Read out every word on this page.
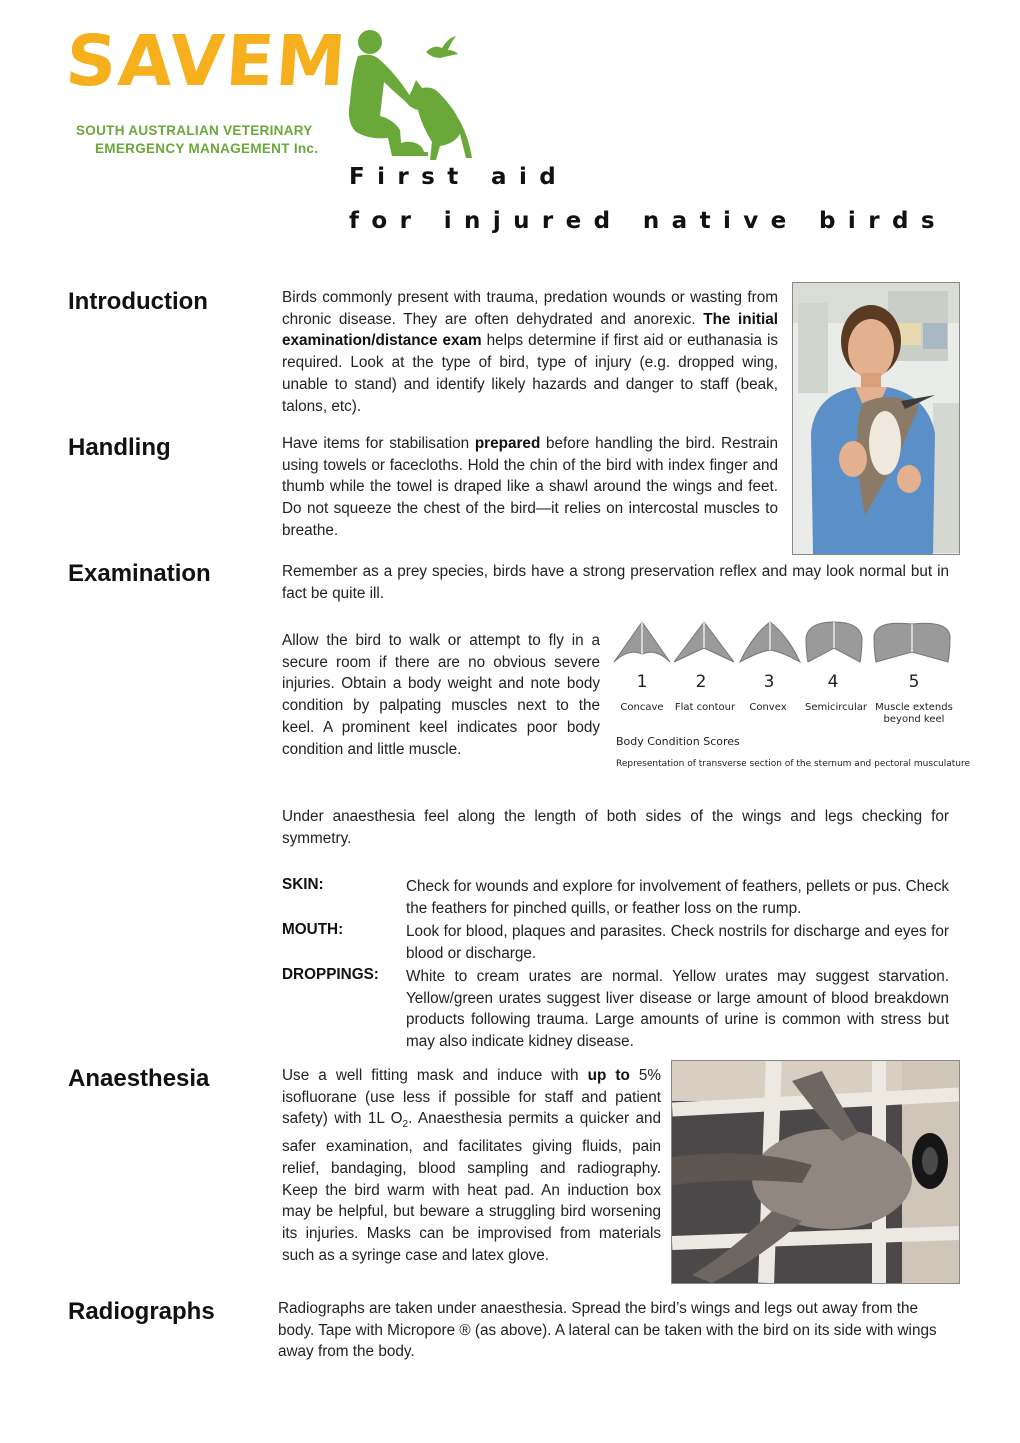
SAVEM
SOUTH AUSTRALIAN VETERINARY
EMERGENCY MANAGEMENT Inc.
First aid
for injured native birds
Introduction	Birds commonly present with trauma, predation wounds or wasting from chronic disease. They are often dehydrated and anorexic. The initial examination/distance exam helps determine if first aid or euthanasia is required. Look at the type of bird, type of injury (e.g. dropped wing, unable to stand) and identify likely hazards and danger to staff (beak, talons, etc).
Handling	Have items for stabilisation prepared before handling the bird. Restrain using towels or facecloths. Hold the chin of the bird with index finger and thumb while the towel is draped like a shawl around the wings and feet. Do not squeeze the chest of the bird—it relies on intercostal muscles to breathe.
Examination	Remember as a prey species, birds have a strong preservation reflex and may look normal but in fact be quite ill.
Allow the bird to walk or attempt to fly in a secure room if there are no obvious severe injuries. Obtain a body weight and note body condition by palpating muscles next to the keel. A prominent keel indicates poor body condition and little muscle.
1	2	3	4	5
Concave	Flat contour	Convex	Semicircular Muscle extends beyond keel
Body Condition Scores
Representation of transverse section of the sternum and pectoral musculature
Under anaesthesia feel along the length of both sides of the wings and legs checking for symmetry.
SKIN:	Check for wounds and explore for involvement of feathers, pellets or pus. Check the feathers for pinched quills, or feather loss on the rump.
MOUTH:	Look for blood, plaques and parasites. Check nostrils for discharge and eyes for blood or discharge.
DROPPINGS: White to cream urates are normal. Yellow urates may suggest starvation. Yellow/green urates suggest liver disease or large amount of blood breakdown products following trauma. Large amounts of urine is common with stress but may also indicate kidney disease.
Anaesthesia	Use a well fitting mask and induce with up to 5% isofluorane (use less if possible for staff and patient safety) with 1L $O_2$. Anaesthesia permits a quicker and safer examination, and facilitates giving fluids, pain relief, bandaging, blood sampling and radiography. Keep the bird warm with heat pad. An induction box may be helpful, but beware a struggling bird worsening its injuries. Masks can be improvised from materials such as a syringe case and latex glove.
Radiographs	Radiographs are taken under anaesthesia. Spread the bird’s wings and legs out away from the body. Tape with Micropore ® (as above). A lateral can be taken with the bird on its side with wings away from the body.
